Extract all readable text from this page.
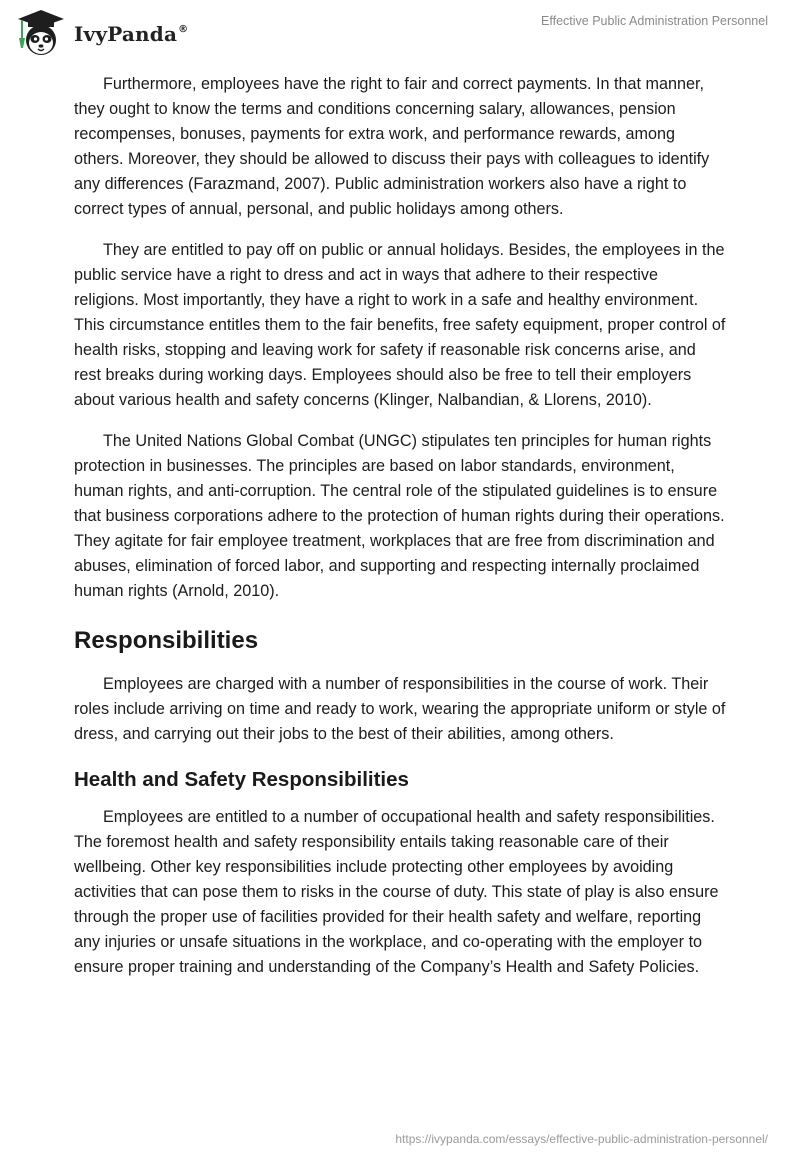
IvyPanda®
Effective Public Administration Personnel

Furthermore, employees have the right to fair and correct payments. In that manner, they ought to know the terms and conditions concerning salary, allowances, pension recompenses, bonuses, payments for extra work, and performance rewards, among others. Moreover, they should be allowed to discuss their pays with colleagues to identify any differences (Farazmand, 2007). Public administration workers also have a right to correct types of annual, personal, and public holidays among others.

They are entitled to pay off on public or annual holidays. Besides, the employees in the public service have a right to dress and act in ways that adhere to their respective religions. Most importantly, they have a right to work in a safe and healthy environment. This circumstance entitles them to the fair benefits, free safety equipment, proper control of health risks, stopping and leaving work for safety if reasonable risk concerns arise, and rest breaks during working days. Employees should also be free to tell their employers about various health and safety concerns (Klinger, Nalbandian, & Llorens, 2010).

The United Nations Global Combat (UNGC) stipulates ten principles for human rights protection in businesses. The principles are based on labor standards, environment, human rights, and anti-corruption. The central role of the stipulated guidelines is to ensure that business corporations adhere to the protection of human rights during their operations. They agitate for fair employee treatment, workplaces that are free from discrimination and abuses, elimination of forced labor, and supporting and respecting internally proclaimed human rights (Arnold, 2010).

Responsibilities

Employees are charged with a number of responsibilities in the course of work. Their roles include arriving on time and ready to work, wearing the appropriate uniform or style of dress, and carrying out their jobs to the best of their abilities, among others.

Health and Safety Responsibilities

Employees are entitled to a number of occupational health and safety responsibilities. The foremost health and safety responsibility entails taking reasonable care of their wellbeing. Other key responsibilities include protecting other employees by avoiding activities that can pose them to risks in the course of duty. This state of play is also ensure through the proper use of facilities provided for their health safety and welfare, reporting any injuries or unsafe situations in the workplace, and co-operating with the employer to ensure proper training and understanding of the Company’s Health and Safety Policies.

https://ivypanda.com/essays/effective-public-administration-personnel/
